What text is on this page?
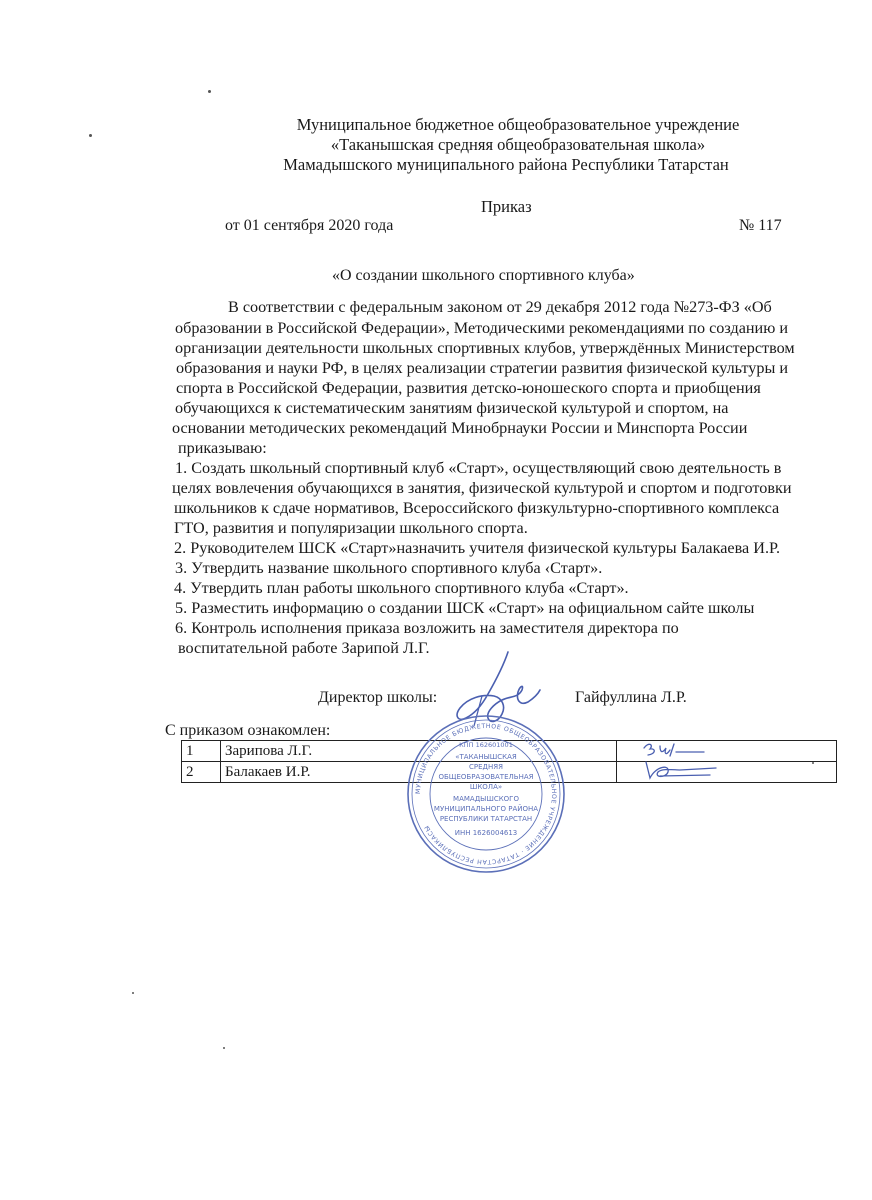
Муниципальное бюджетное общеобразовательное учреждение
«Таканышская средняя общеобразовательная школа»
Мамадышского муниципального района Республики Татарстан
Приказ
от 01 сентября 2020 года	№ 117
«О создании школьного спортивного клуба»
В соответствии с федеральным законом от 29 декабря 2012 года №273-ФЗ «Об
образовании в Российской Федерации», Методическими рекомендациями по созданию и
организации деятельности школьных спортивных клубов, утверждённых Министерством
образования и науки РФ, в целях реализации стратегии развития физической культуры и
спорта в Российской Федерации, развития детско-юношеского спорта и приобщения
обучающихся к систематическим занятиям физической культурой и спортом, на
основании методических рекомендаций Минобрнауки России и Минспорта России
приказываю:
1. Создать школьный спортивный клуб «Старт», осуществляющий свою деятельность в
целях вовлечения обучающихся в занятия, физической культурой и спортом и подготовки
школьников к сдаче нормативов, Всероссийского физкультурно-спортивного комплекса
ГТО, развития и популяризации школьного спорта.
2. Руководителем ШСК «Старт»назначить учителя физической культуры Балакаева И.Р.
3. Утвердить название школьного спортивного клуба ‹Старт».
4. Утвердить план работы школьного спортивного клуба «Старт».
5. Разместить информацию о создании ШСК «Старт» на официальном сайте школы
6. Контроль исполнения приказа возложить на заместителя директора по
воспитательной работе Зарипой Л.Г.
Директор школы:	Гайфуллина Л.Р.
С приказом ознакомлен:
1	Зарипова Л.Г.	
2	Балакаев И.Р.	
МУНИЦИПАЛЬНОЕ БЮДЖЕТНОЕ ОБЩЕОБРАЗОВАТЕЛЬНОЕ УЧРЕЖДЕНИЕ · ТАТАРСТАН РЕСПУБЛИКАСЫ
«ТАКАНЫШСКАЯ
СРЕДНЯЯ
ОБЩЕОБРАЗОВАТЕЛЬНАЯ
ШКОЛА»
МАМАДЫШСКОГО
МУНИЦИПАЛЬНОГО РАЙОНА
РЕСПУБЛИКИ ТАТАРСТАН
ИНН 1626004613
КПП 162601001
